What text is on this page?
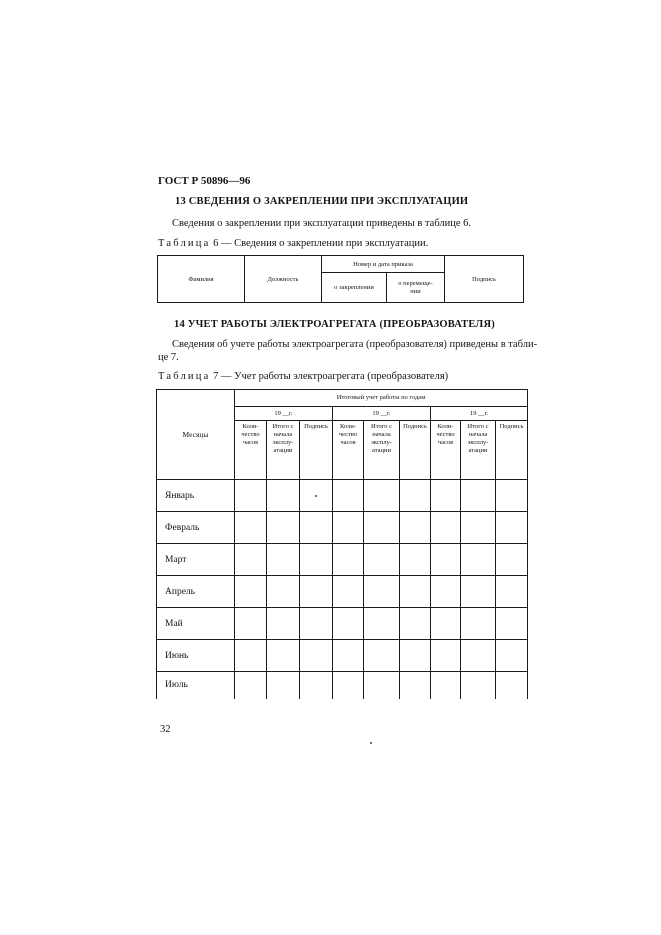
ГОСТ Р 50896—96
13 СВЕДЕНИЯ О ЗАКРЕПЛЕНИИ ПРИ ЭКСПЛУАТАЦИИ
Сведения о закреплении при эксплуатации приведены в таблице 6.
Таблица 6 — Сведения о закреплении при эксплуатации.
Фамилия	Должность	Номер и дата приказа		Подпись
		о закреплении	о перемеще-
нии	
14 УЧЕТ РАБОТЫ ЭЛЕКТРОАГРЕГАТА (ПРЕОБРАЗОВАТЕЛЯ)
Сведения об учете работы электроагрегата (преобразователя) приведены в табли-
це 7.
Таблица 7 — Учет работы электроагрегата (преобразователя)
Месяцы	Итоговый учет работы по годам								
	19 __г.			19 __г.			19 __г.		
	Коли-
чество
часов	Итого с
начала
эксплу-
атации	Подпись	Коли-
чество
часов	Итого с
начала
эксплу-
атации	Подпись	Коли-
чество
часов	Итого с
начала
эксплу-
атации	Подпись
Январь									
Февраль									
Март									
Апрель									
Май									
Июнь									
Июль									
32
